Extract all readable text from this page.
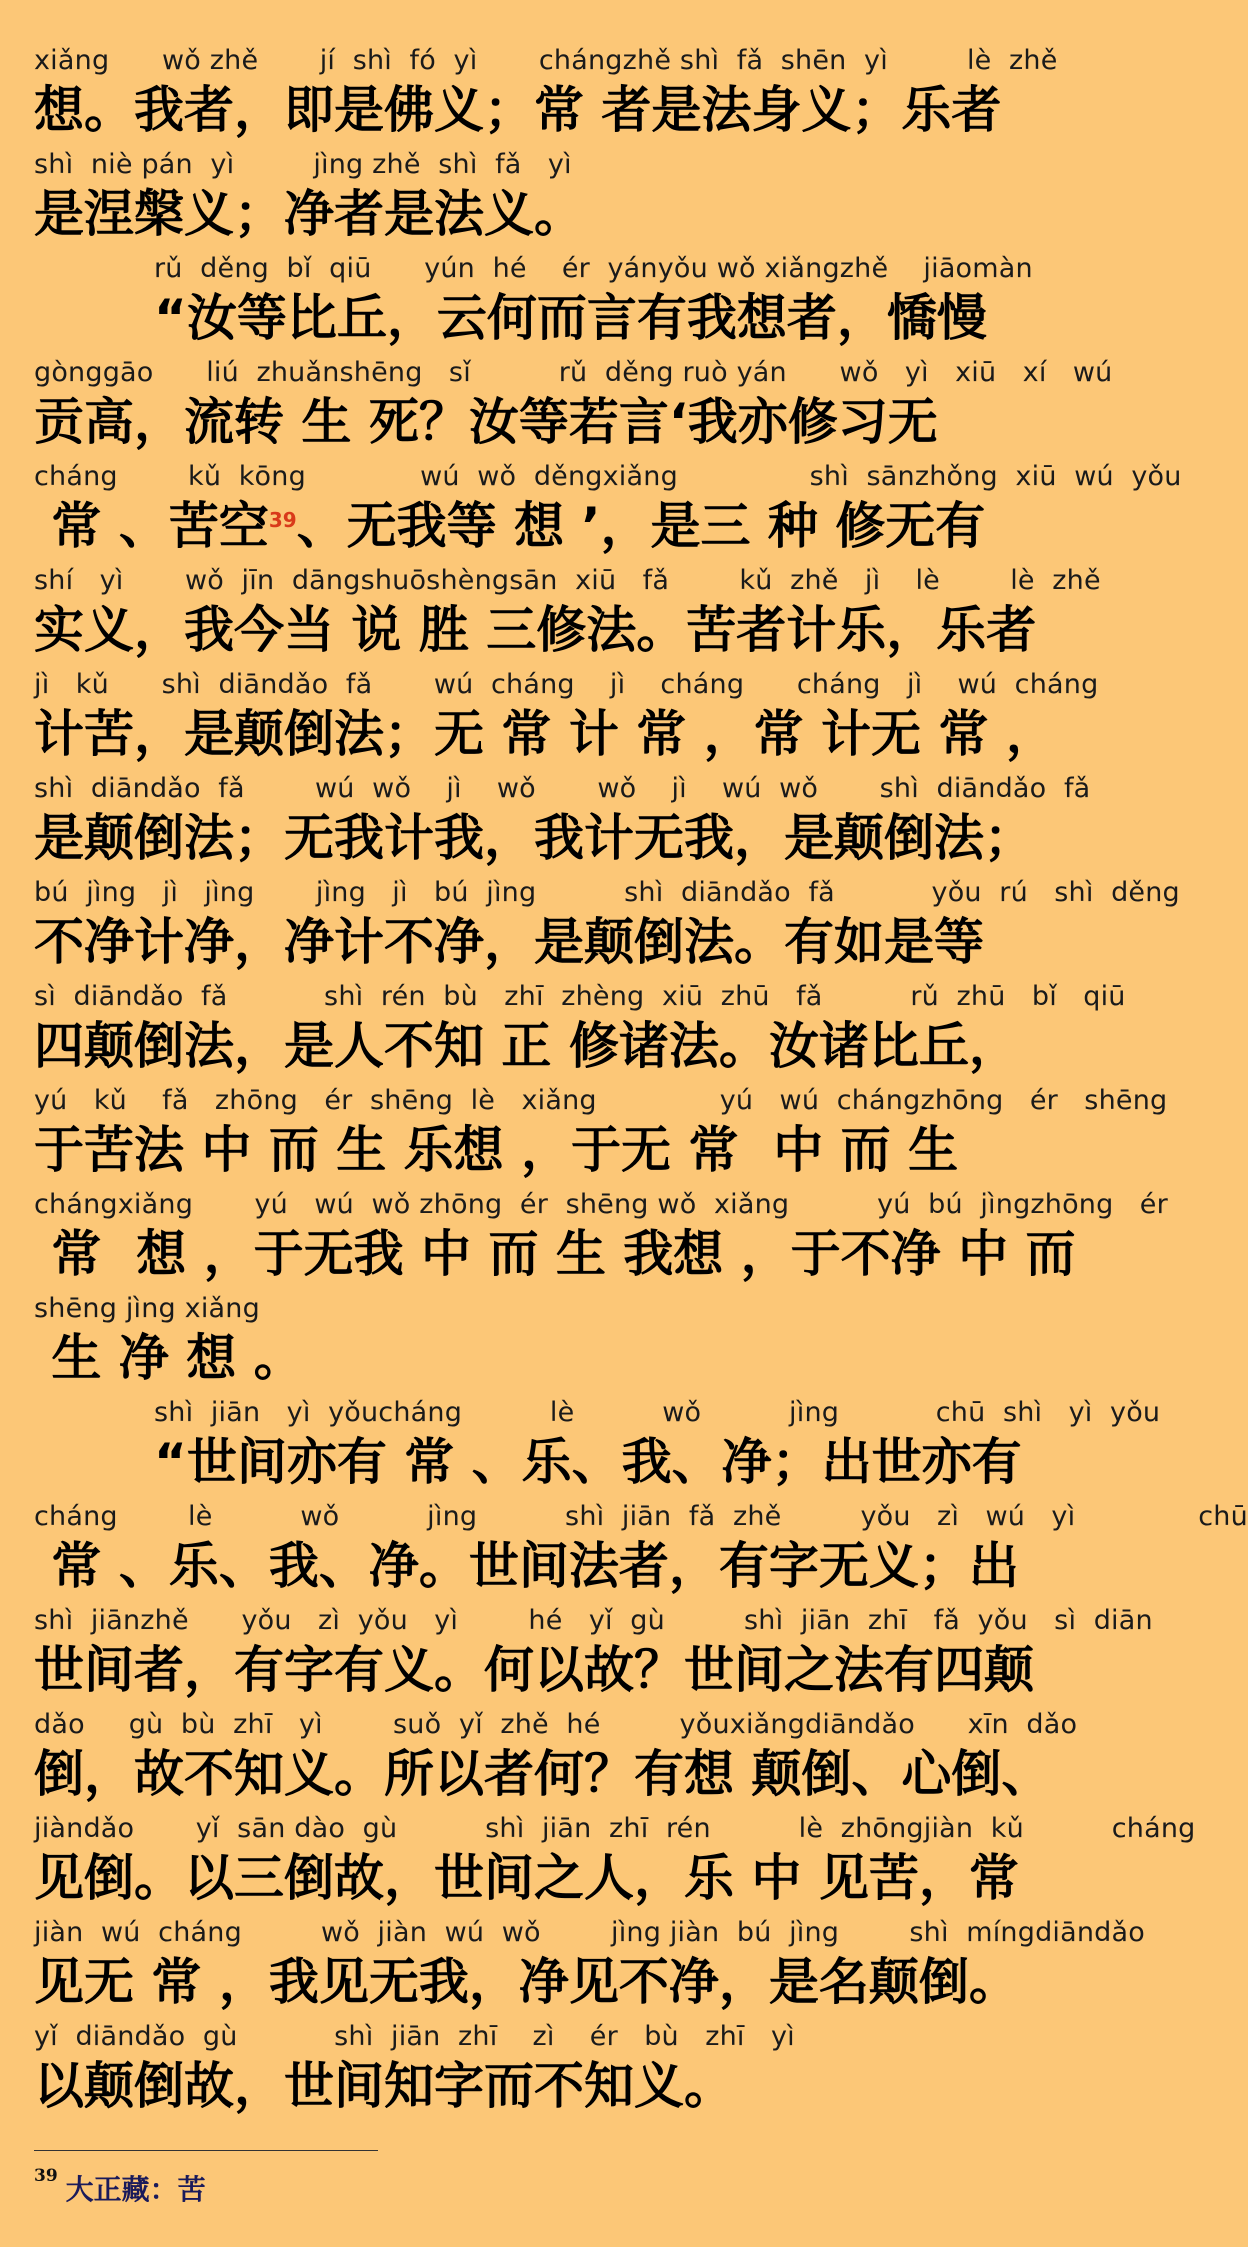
xiǎng      wǒ zhě       jí  shì  fó  yì       chángzhě shì  fǎ  shēn  yì         lè  zhě
想。我者，即是佛义；常 者是法身义；乐者
shì  niè pán  yì         jìng zhě  shì  fǎ   yì
是涅槃义；净者是法义。
rǔ  děng  bǐ  qiū      yún  hé    ér  yányǒu wǒ xiǎngzhě    jiāomàn
“汝等比丘，云何而言有我想者，憍慢
gònggāo      liú  zhuǎnshēng   sǐ          rǔ  děng ruò yán      wǒ   yì   xiū   xí   wú
贡高，流转 生 死？汝等若言‘我亦修习无
cháng        kǔ  kōng             wú  wǒ  děngxiǎng               shì  sānzhǒng  xiū  wú  yǒu
常 、苦空$^{39}$、无我等 想 ’，是三 种 修无有
shí   yì       wǒ  jīn  dāngshuōshèngsān  xiū   fǎ        kǔ  zhě   jì    lè        lè  zhě
实义，我今当 说 胜 三修法。苦者计乐，乐者
jì   kǔ      shì  diāndǎo  fǎ       wú  cháng    jì    cháng      cháng   jì    wú  cháng
计苦，是颠倒法；无 常 计 常 ，常 计无 常 ，
shì  diāndǎo  fǎ        wú  wǒ    jì    wǒ       wǒ    jì    wú  wǒ       shì  diāndǎo  fǎ
是颠倒法；无我计我，我计无我，是颠倒法；
bú  jìng   jì   jìng       jìng   jì   bú  jìng          shì  diāndǎo  fǎ           yǒu  rú   shì  děng
不净计净，净计不净，是颠倒法。有如是等
sì  diāndǎo  fǎ           shì  rén  bù   zhī  zhèng  xiū  zhū   fǎ          rǔ  zhū   bǐ   qiū
四颠倒法，是人不知 正 修诸法。汝诸比丘，
yú   kǔ    fǎ   zhōng   ér  shēng  lè   xiǎng              yú   wú  chángzhōng   ér   shēng
于苦法 中 而 生 乐想 ，于无 常  中 而 生
chángxiǎng       yú   wú  wǒ zhōng  ér  shēng wǒ  xiǎng          yú  bú  jìngzhōng   ér
常  想 ，于无我 中 而 生 我想 ，于不净 中 而
shēng jìng xiǎng
生 净 想 。
shì  jiān   yì  yǒucháng          lè          wǒ          jìng           chū  shì   yì  yǒu
“世间亦有 常 、乐、我、净；出世亦有
cháng        lè          wǒ          jìng          shì  jiān  fǎ  zhě         yǒu   zì   wú   yì              chū
常 、乐、我、净。世间法者，有字无义；出
shì  jiānzhě      yǒu   zì  yǒu   yì        hé   yǐ  gù         shì  jiān  zhī   fǎ  yǒu   sì  diān
世间者，有字有义。何以故？世间之法有四颠
dǎo     gù  bù  zhī   yì        suǒ  yǐ  zhě  hé         yǒuxiǎngdiāndǎo      xīn  dǎo
倒，故不知义。所以者何？有想 颠倒、心倒、
jiàndǎo       yǐ  sān dào  gù          shì  jiān  zhī  rén          lè  zhōngjiàn  kǔ          cháng
见倒。以三倒故，世间之人，乐 中 见苦，常
jiàn  wú  cháng         wǒ  jiàn  wú  wǒ        jìng jiàn  bú  jìng        shì  míngdiāndǎo
见无 常 ，我见无我，净见不净，是名颠倒。
yǐ  diāndǎo  gù           shì  jiān  zhī    zì    ér   bù   zhī   yì
以颠倒故，世间知字而不知义。
$^{39}$ 大正藏：苦
